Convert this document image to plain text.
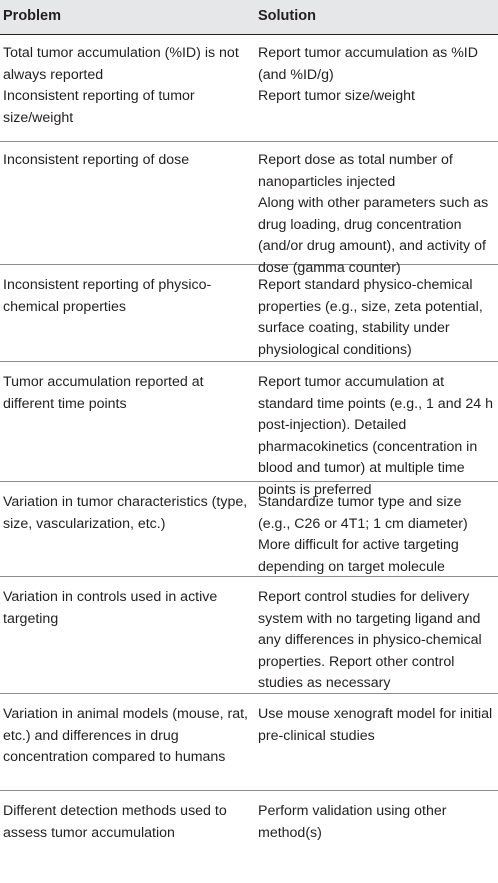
Problem	Solution
Total tumor accumulation (%ID) is not always reported
Inconsistent reporting of tumor size/weight
Report tumor accumulation as %ID (and %ID/g)
Report tumor size/weight
Inconsistent reporting of dose	Report dose as total number of nanoparticles injected
Along with other parameters such as drug loading, drug concentration (and/or drug amount), and activity of dose (gamma counter)
Inconsistent reporting of physico-chemical properties
Report standard physico-chemical properties (e.g., size, zeta potential, surface coating, stability under physiological conditions)
Tumor accumulation reported at different time points
Report tumor accumulation at standard time points (e.g., 1 and 24 h post-injection). Detailed pharmacokinetics (concentration in blood and tumor) at multiple time points is preferred
Variation in tumor characteristics (type, size, vascularization, etc.)
Standardize tumor type and size (e.g., C26 or 4T1; 1 cm diameter)
More difficult for active targeting depending on target molecule
Variation in controls used in active targeting
Report control studies for delivery system with no targeting ligand and any differences in physico-chemical properties. Report other control studies as necessary
Variation in animal models (mouse, rat, etc.) and differences in drug concentration compared to humans
Use mouse xenograft model for initial pre-clinical studies
Different detection methods used to assess tumor accumulation
Perform validation using other method(s)
